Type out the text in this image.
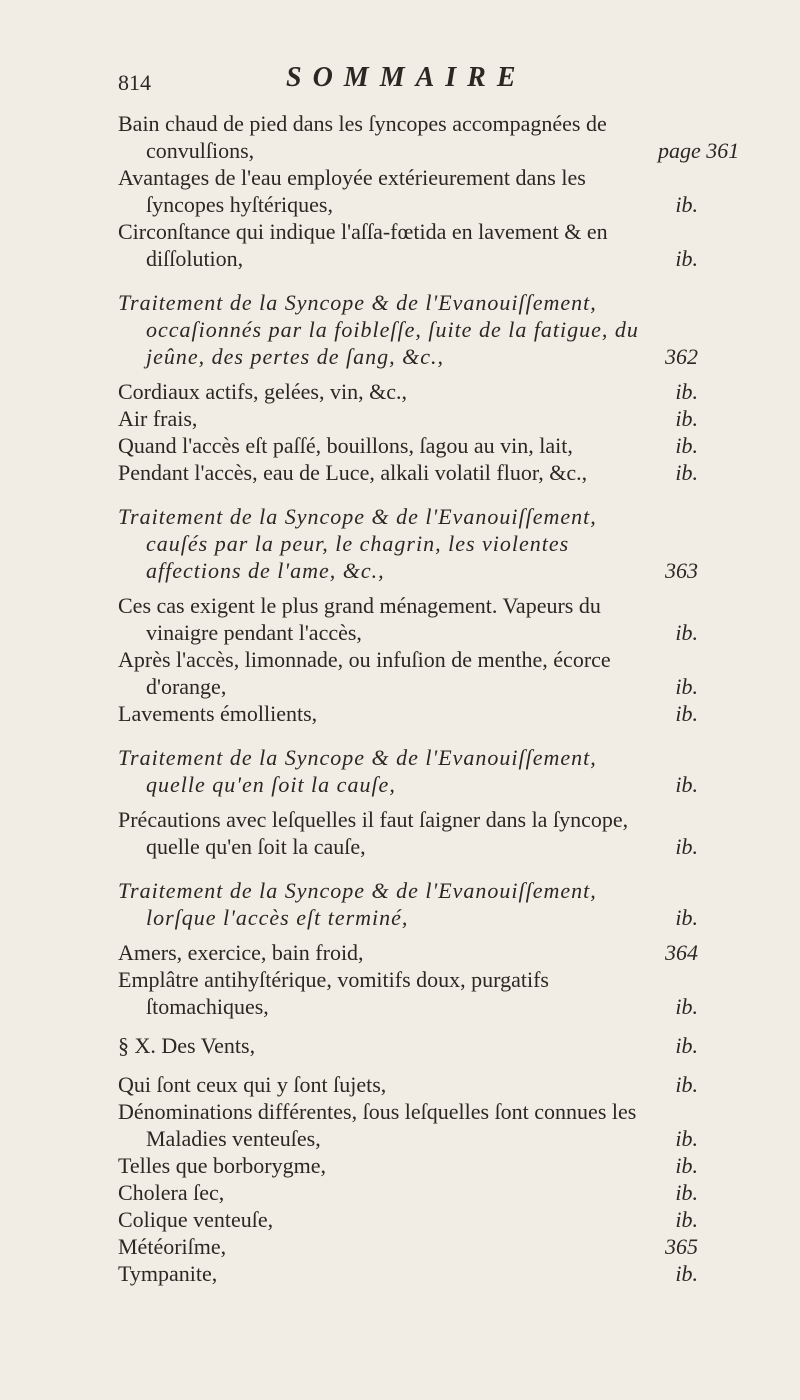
814	SOMMAIRE
Bain chaud de pied dans les ſyncopes accompagnées de convulſions,	page 361
Avantages de l'eau employée extérieurement dans les ſyncopes hyſtériques,	ib.
Circonſtance qui indique l'aſſa-fœtida en lavement & en diſſolution,	ib.
Traitement de la Syncope & de l'Evanouiſſement, occaſionnés par la foibleſſe, ſuite de la fatigue, du jeûne, des pertes de ſang, &c.,	362
Cordiaux actifs, gelées, vin, &c.,	ib.
Air frais,	ib.
Quand l'accès eſt paſſé, bouillons, ſagou au vin, lait,	ib.
Pendant l'accès, eau de Luce, alkali volatil fluor, &c.,	ib.
Traitement de la Syncope & de l'Evanouiſſement, cauſés par la peur, le chagrin, les violentes affections de l'ame, &c.,	363
Ces cas exigent le plus grand ménagement. Vapeurs du vinaigre pendant l'accès,	ib.
Après l'accès, limonnade, ou infuſion de menthe, écorce d'orange,	ib.
Lavements émollients,	ib.
Traitement de la Syncope & de l'Evanouiſſement, quelle qu'en ſoit la cauſe,	ib.
Précautions avec leſquelles il faut ſaigner dans la ſyncope, quelle qu'en ſoit la cauſe,	ib.
Traitement de la Syncope & de l'Evanouiſſement, lorſque l'accès eſt terminé,	ib.
Amers, exercice, bain froid,	364
Emplâtre antihyſtérique, vomitifs doux, purgatifs ſtomachiques,	ib.
§ X. Des Vents,	ib.
Qui ſont ceux qui y ſont ſujets,	ib.
Dénominations différentes, ſous leſquelles ſont connues les Maladies venteuſes,	ib.
Telles que borborygme,	ib.
Cholera ſec,	ib.
Colique venteuſe,	ib.
Météoriſme,	365
Tympanite,	ib.
